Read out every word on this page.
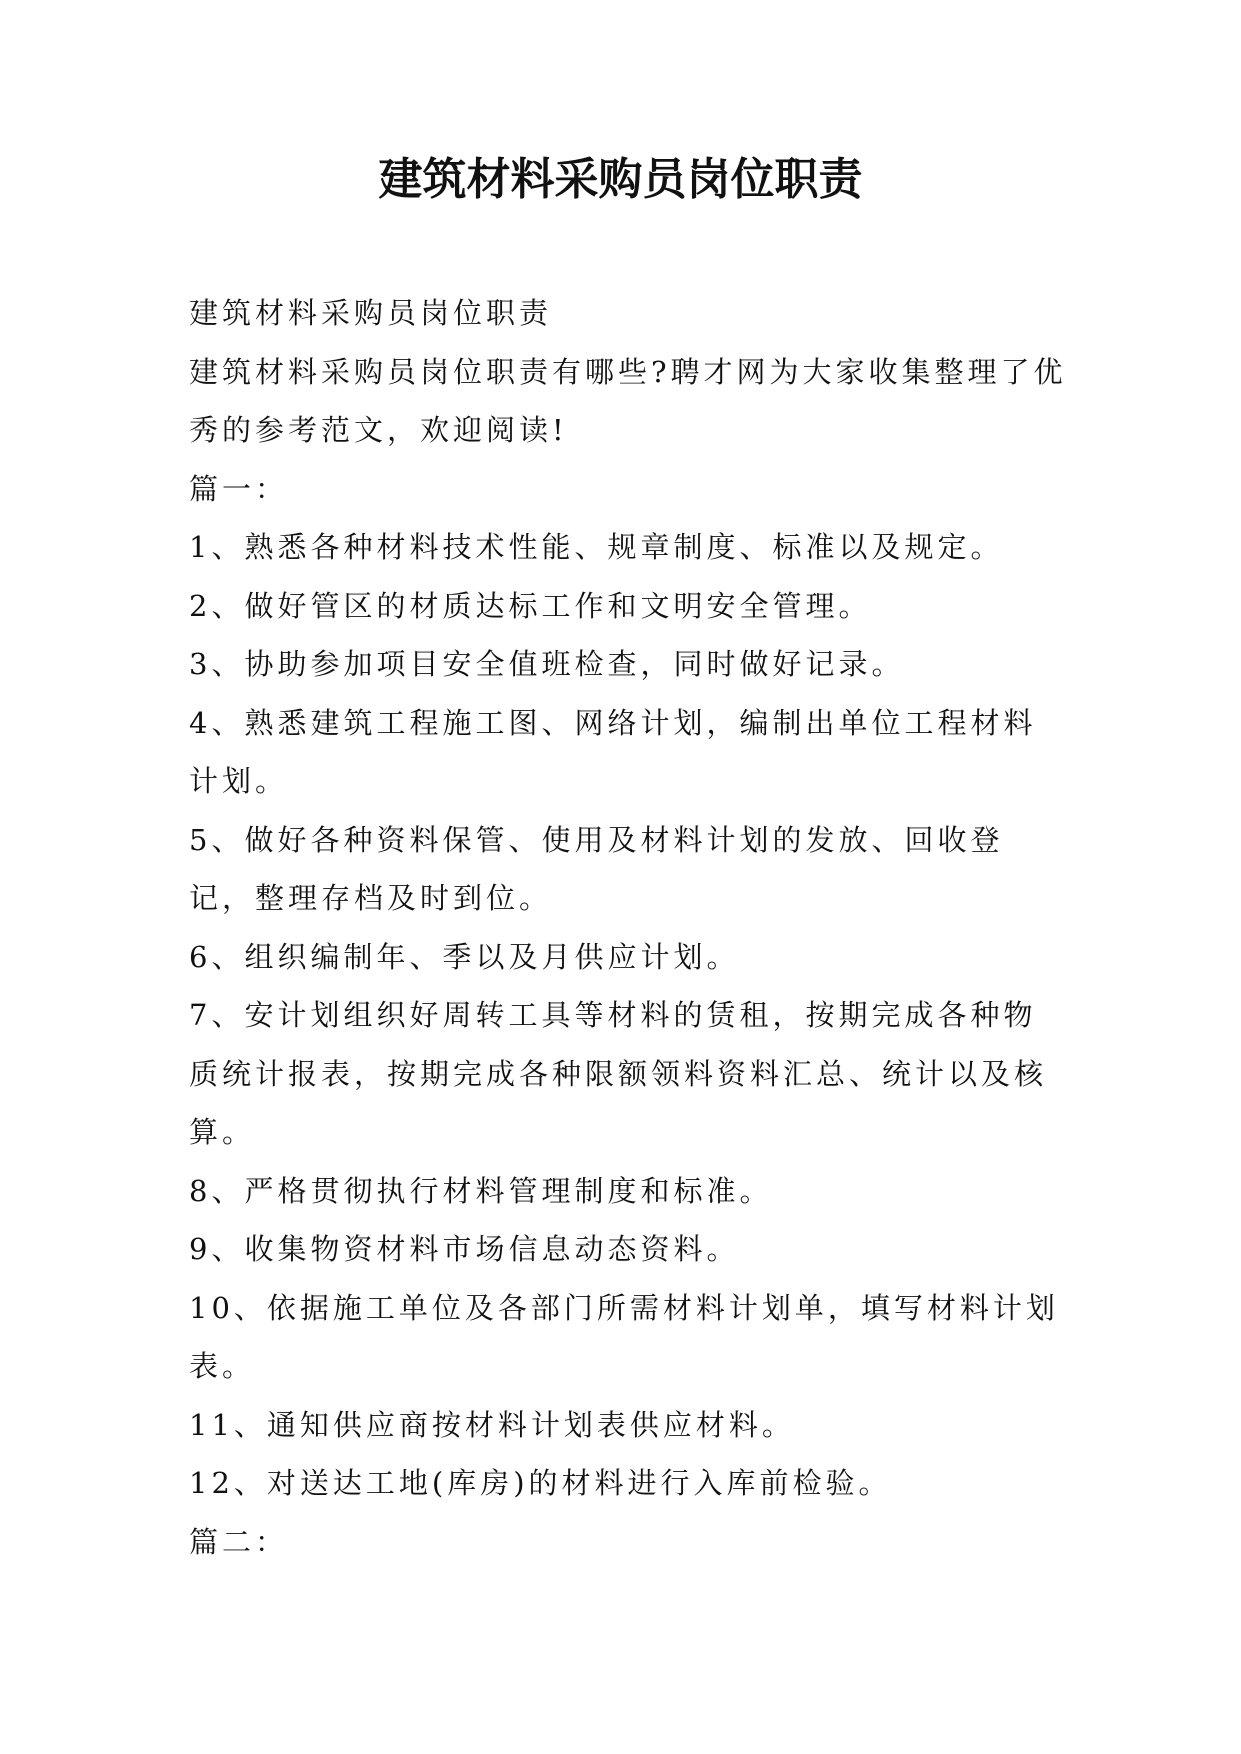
建筑材料采购员岗位职责

建筑材料采购员岗位职责

建筑材料采购员岗位职责有哪些?聘才网为大家收集整理了优秀的参考范文，欢迎阅读!

篇一：

1、熟悉各种材料技术性能、规章制度、标准以及规定。

2、做好管区的材质达标工作和文明安全管理。

3、协助参加项目安全值班检查，同时做好记录。

4、熟悉建筑工程施工图、网络计划，编制出单位工程材料计划。

5、做好各种资料保管、使用及材料计划的发放、回收登记，整理存档及时到位。

6、组织编制年、季以及月供应计划。

7、安计划组织好周转工具等材料的赁租，按期完成各种物质统计报表，按期完成各种限额领料资料汇总、统计以及核算。

8、严格贯彻执行材料管理制度和标准。

9、收集物资材料市场信息动态资料。

10、依据施工单位及各部门所需材料计划单，填写材料计划表。

11、通知供应商按材料计划表供应材料。

12、对送达工地(库房)的材料进行入库前检验。

篇二：
